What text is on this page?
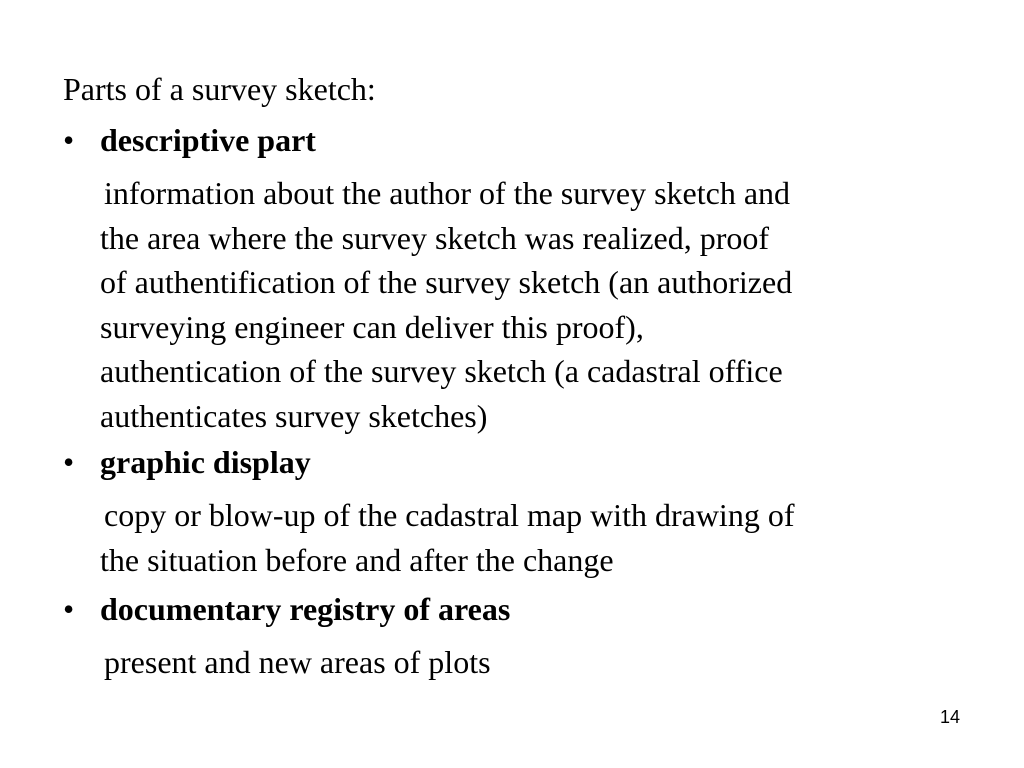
Parts of a survey sketch:
• descriptive part
information about the author of the survey sketch and
the area where the survey sketch was realized, proof
of authentification of the survey sketch (an authorized
surveying engineer can deliver this proof),
authentication of the survey sketch (a cadastral office
authenticates survey sketches)
• graphic display
copy or blow-up of the cadastral map with drawing of
the situation before and after the change
• documentary registry of areas
present and new areas of plots
14
